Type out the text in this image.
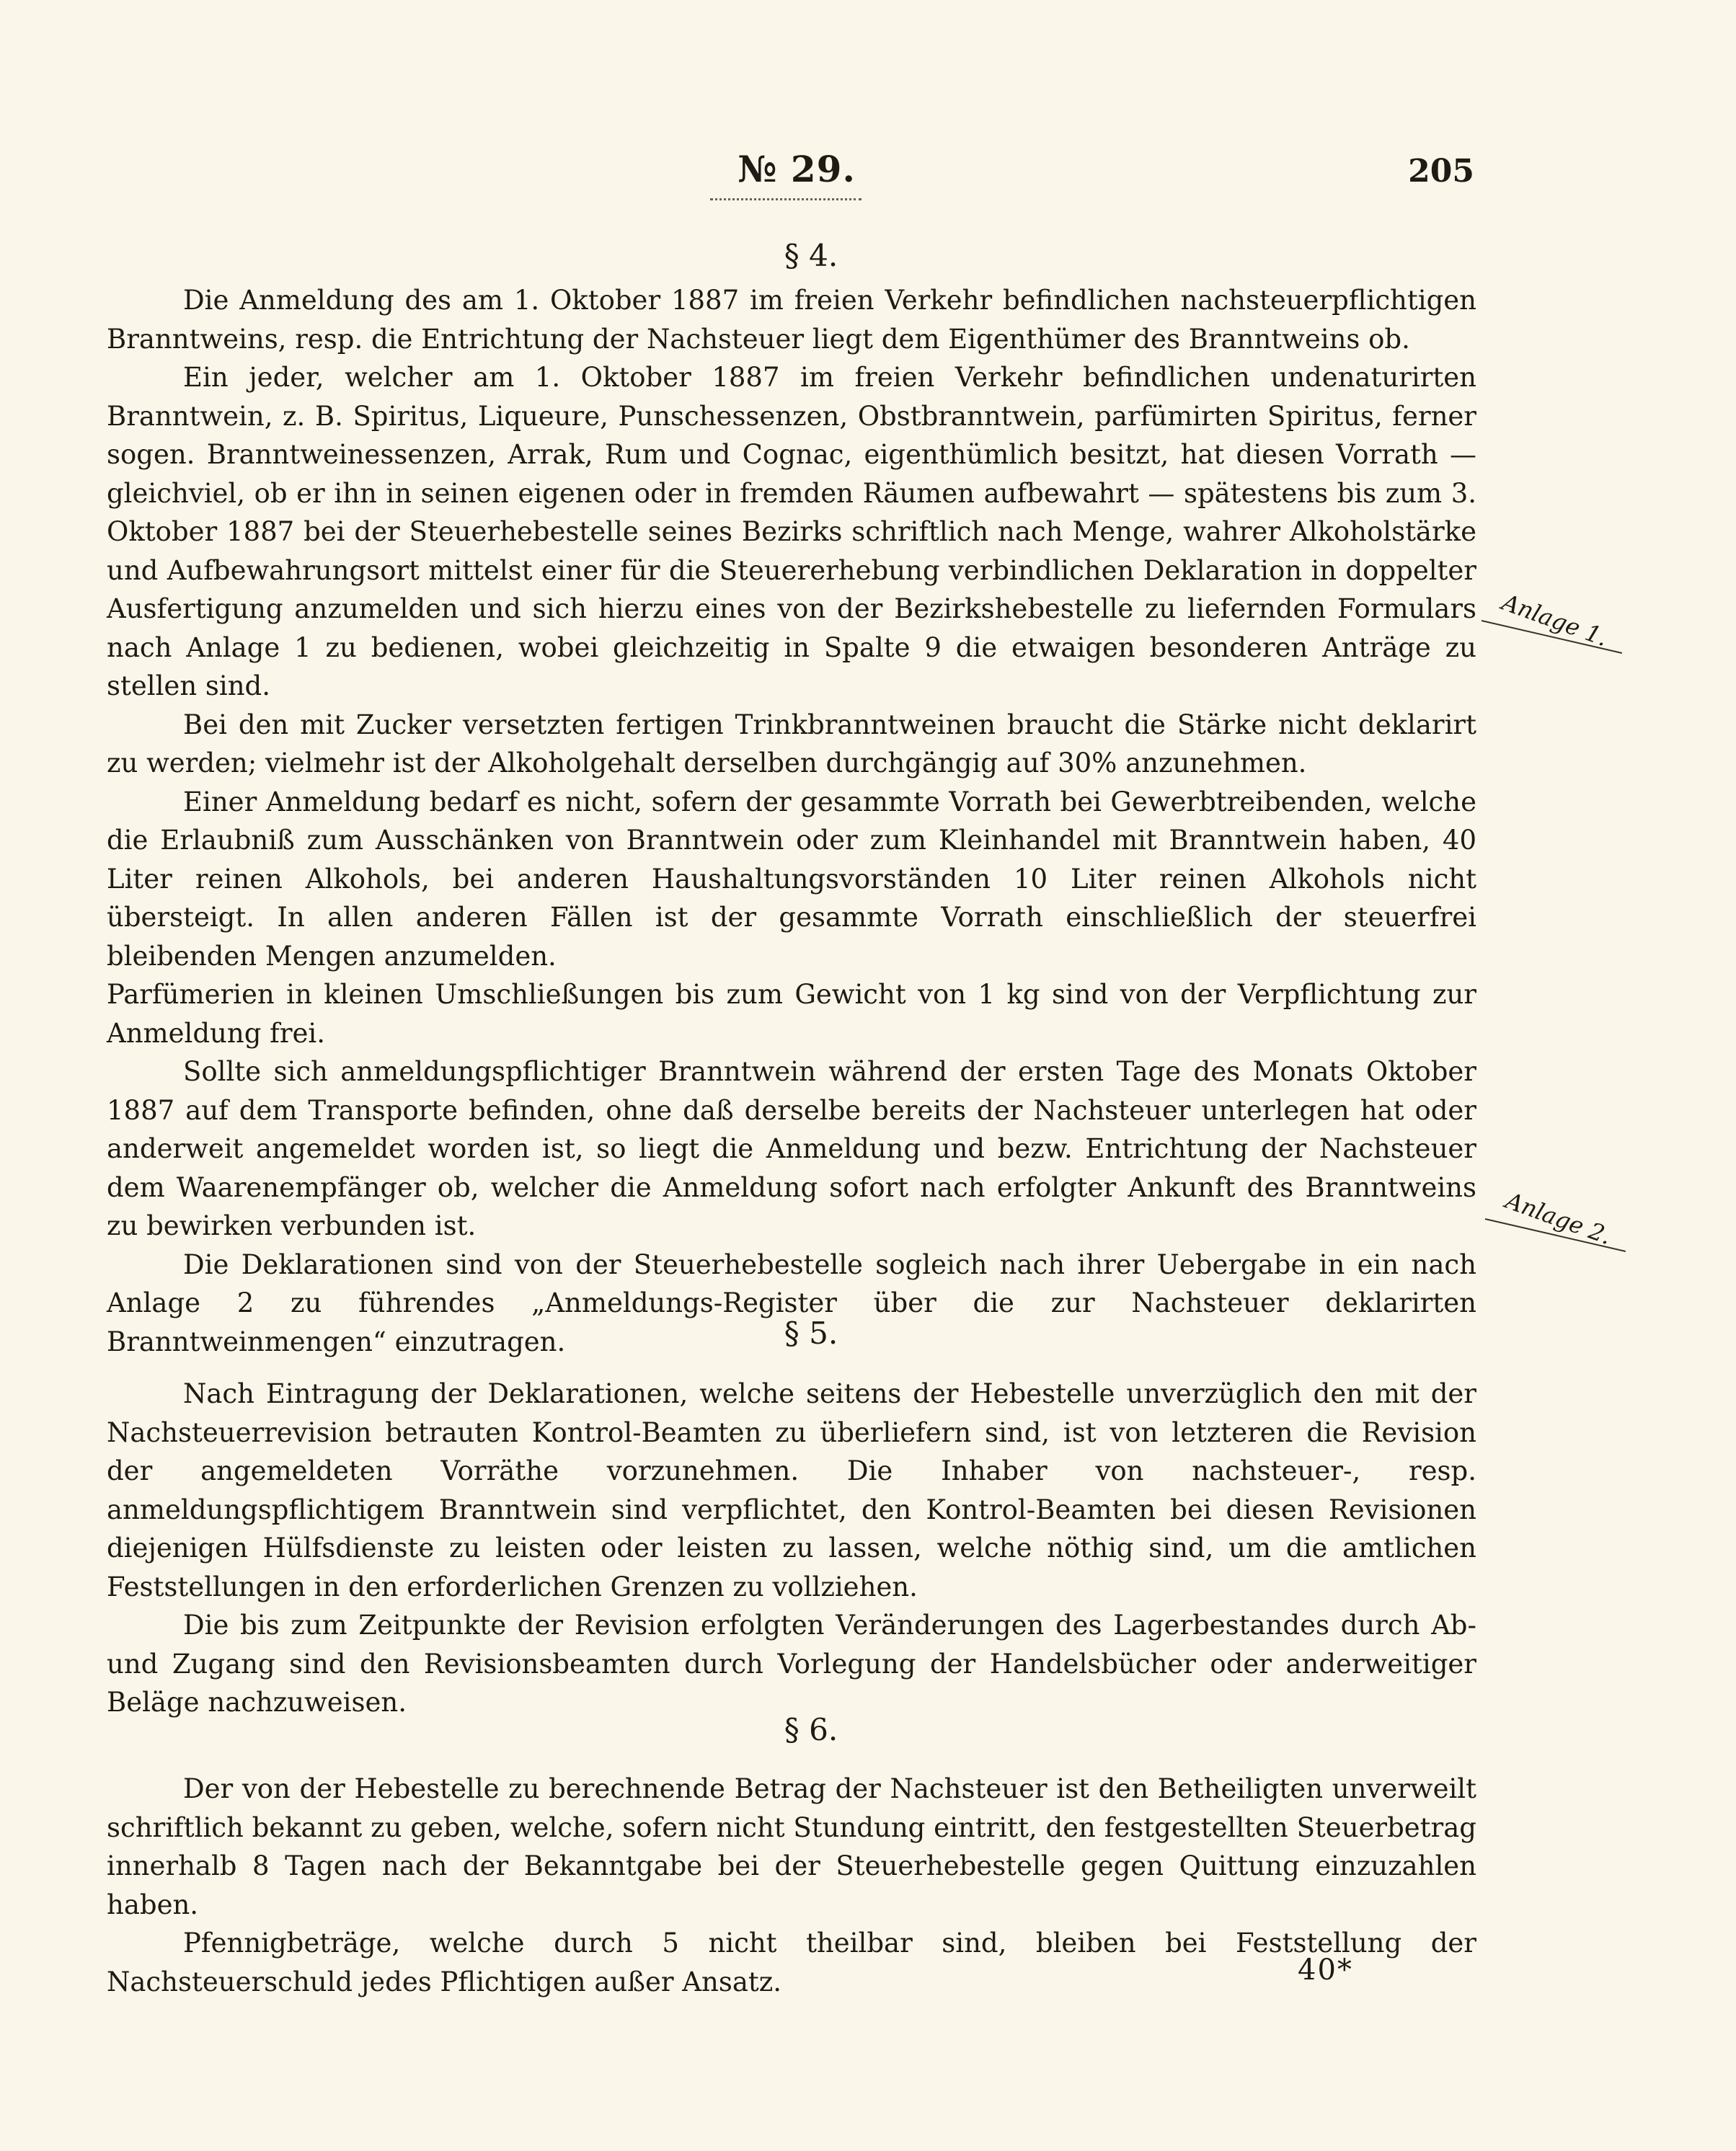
№ 29.	205
§ 4.

Die Anmeldung des am 1. Oktober 1887 im freien Verkehr befindlichen nachsteuerpflichtigen Branntweins, resp. die Entrichtung der Nachsteuer liegt dem Eigenthümer des Branntweins ob.

Ein jeder, welcher am 1. Oktober 1887 im freien Verkehr befindlichen undenaturirten Branntwein, z. B. Spiritus, Liqueure, Punschessenzen, Obstbranntwein, parfümirten Spiritus, ferner sogen. Branntweinessenzen, Arrak, Rum und Cognac, eigenthümlich besitzt, hat diesen Vorrath — gleichviel, ob er ihn in seinen eigenen oder in fremden Räumen aufbewahrt — spätestens bis zum 3. Oktober 1887 bei der Steuerhebestelle seines Bezirks schriftlich nach Menge, wahrer Alkoholstärke und Aufbewahrungsort mittelst einer für die Steuererhebung verbindlichen Deklaration in doppelter Ausfertigung anzumelden und sich hierzu eines von der Bezirkshebestelle zu liefernden Formulars nach Anlage 1 zu bedienen, wobei gleichzeitig in Spalte 9 die etwaigen besonderen Anträge zu stellen sind.

Bei den mit Zucker versetzten fertigen Trinkbranntweinen braucht die Stärke nicht deklarirt zu werden; vielmehr ist der Alkoholgehalt derselben durchgängig auf 30% anzunehmen.

Einer Anmeldung bedarf es nicht, sofern der gesammte Vorrath bei Gewerbtreibenden, welche die Erlaubniß zum Ausschänken von Branntwein oder zum Kleinhandel mit Branntwein haben, 40 Liter reinen Alkohols, bei anderen Haushaltungsvorständen 10 Liter reinen Alkohols nicht übersteigt. In allen anderen Fällen ist der gesammte Vorrath einschließlich der steuerfrei bleibenden Mengen anzumelden.

Parfümerien in kleinen Umschließungen bis zum Gewicht von 1 kg sind von der Verpflichtung zur Anmeldung frei.

Sollte sich anmeldungspflichtiger Branntwein während der ersten Tage des Monats Oktober 1887 auf dem Transporte befinden, ohne daß derselbe bereits der Nachsteuer unterlegen hat oder anderweit angemeldet worden ist, so liegt die Anmeldung und bezw. Entrichtung der Nachsteuer dem Waarenempfänger ob, welcher die Anmeldung sofort nach erfolgter Ankunft des Branntweins zu bewirken verbunden ist.

Die Deklarationen sind von der Steuerhebestelle sogleich nach ihrer Uebergabe in ein nach Anlage 2 zu führendes „Anmeldungs-Register über die zur Nachsteuer deklarirten Branntweinmengen“ einzutragen.

Anlage 1.
Anlage 2.
§ 5.

Nach Eintragung der Deklarationen, welche seitens der Hebestelle unverzüglich den mit der Nachsteuerrevision betrauten Kontrol-Beamten zu überliefern sind, ist von letzteren die Revision der angemeldeten Vorräthe vorzunehmen. Die Inhaber von nachsteuer-, resp. anmeldungspflichtigem Branntwein sind verpflichtet, den Kontrol-Beamten bei diesen Revisionen diejenigen Hülfsdienste zu leisten oder leisten zu lassen, welche nöthig sind, um die amtlichen Feststellungen in den erforderlichen Grenzen zu vollziehen.

Die bis zum Zeitpunkte der Revision erfolgten Veränderungen des Lagerbestandes durch Ab- und Zugang sind den Revisionsbeamten durch Vorlegung der Handelsbücher oder anderweitiger Beläge nachzuweisen.

§ 6.

Der von der Hebestelle zu berechnende Betrag der Nachsteuer ist den Betheiligten unverweilt schriftlich bekannt zu geben, welche, sofern nicht Stundung eintritt, den festgestellten Steuerbetrag innerhalb 8 Tagen nach der Bekanntgabe bei der Steuerhebestelle gegen Quittung einzuzahlen haben.

Pfennigbeträge, welche durch 5 nicht theilbar sind, bleiben bei Feststellung der Nachsteuerschuld jedes Pflichtigen außer Ansatz.	40*
